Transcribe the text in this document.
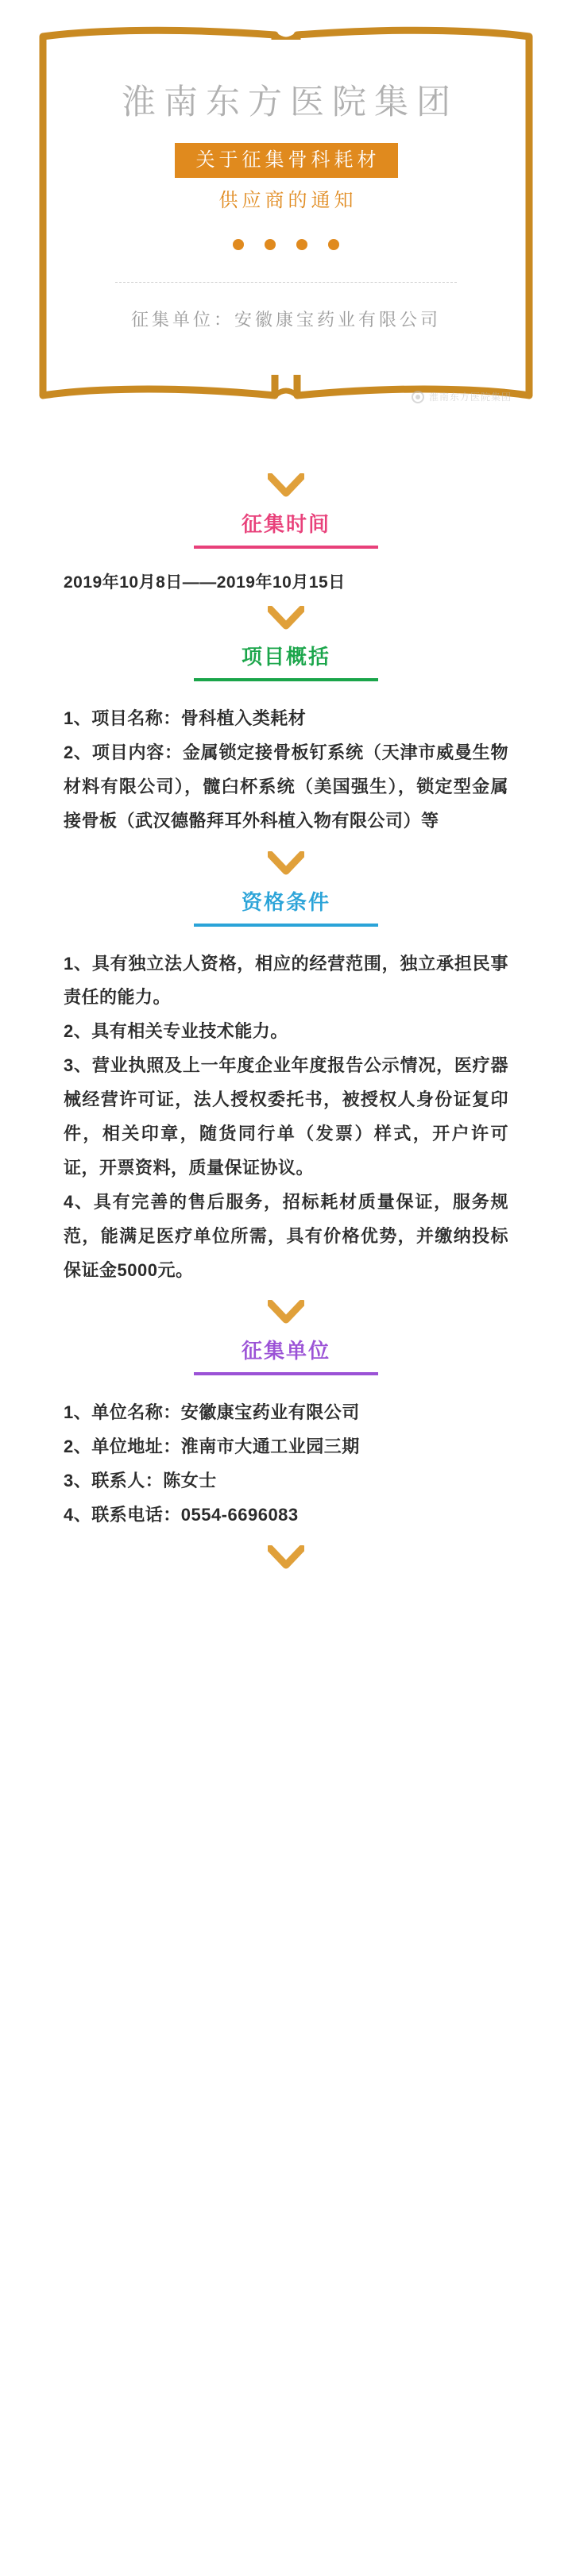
淮南东方医院集团
关于征集骨科耗材
供应商的通知
征集单位：安徽康宝药业有限公司
淮南东方医院集团
征集时间
2019年10月8日——2019年10月15日
项目概括

1、项目名称：骨科植入类耗材

2、项目内容：金属锁定接骨板钉系统（天津市威曼生物材料有限公司），髋臼杯系统（美国强生），锁定型金属接骨板（武汉德骼拜耳外科植入物有限公司）等

资格条件

1、具有独立法人资格，相应的经营范围，独立承担民事责任的能力。

2、具有相关专业技术能力。

3、营业执照及上一年度企业年度报告公示情况，医疗器械经营许可证，法人授权委托书，被授权人身份证复印件，相关印章，随货同行单（发票）样式，开户许可证，开票资料，质量保证协议。

4、具有完善的售后服务，招标耗材质量保证，服务规范，能满足医疗单位所需，具有价格优势，并缴纳投标保证金5000元。

征集单位

1、单位名称：安徽康宝药业有限公司

2、单位地址：淮南市大通工业园三期

3、联系人：陈女士

4、联系电话：0554-6696083
